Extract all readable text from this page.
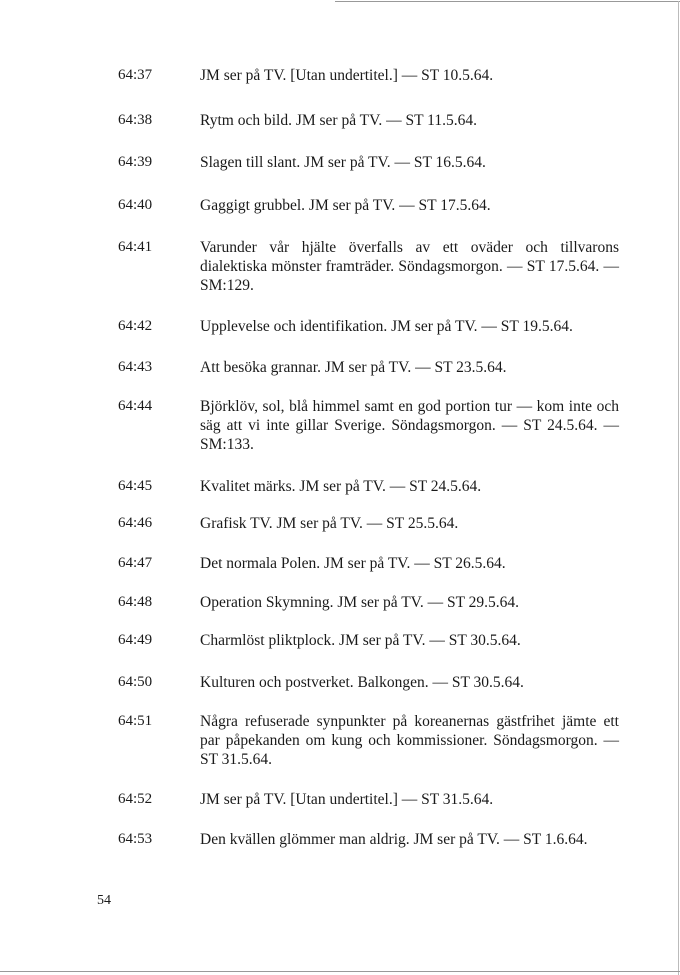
64:37	JM ser på TV. [Utan undertitel.] — ST 10.5.64.
64:38	Rytm och bild. JM ser på TV. — ST 11.5.64.
64:39	Slagen till slant. JM ser på TV. — ST 16.5.64.
64:40	Gaggigt grubbel. JM ser på TV. — ST 17.5.64.
64:41	Varunder vår hjälte överfalls av ett oväder och tillvarons dialektiska mönster framträder. Söndagsmorgon. — ST 17.5.64. — SM:129.
64:42	Upplevelse och identifikation. JM ser på TV. — ST 19.5.64.
64:43	Att besöka grannar. JM ser på TV. — ST 23.5.64.
64:44	Björklöv, sol, blå himmel samt en god portion tur — kom inte och säg att vi inte gillar Sverige. Söndagsmorgon. — ST 24.5.64. — SM:133.
64:45	Kvalitet märks. JM ser på TV. — ST 24.5.64.
64:46	Grafisk TV. JM ser på TV. — ST 25.5.64.
64:47	Det normala Polen. JM ser på TV. — ST 26.5.64.
64:48	Operation Skymning. JM ser på TV. — ST 29.5.64.
64:49	Charmlöst pliktplock. JM ser på TV. — ST 30.5.64.
64:50	Kulturen och postverket. Balkongen. — ST 30.5.64.
64:51	Några refuserade synpunkter på koreanernas gästfrihet jämte ett par påpekanden om kung och kommissioner. Söndagsmorgon. — ST 31.5.64.
64:52	JM ser på TV. [Utan undertitel.] — ST 31.5.64.
64:53	Den kvällen glömmer man aldrig. JM ser på TV. — ST 1.6.64.
54
